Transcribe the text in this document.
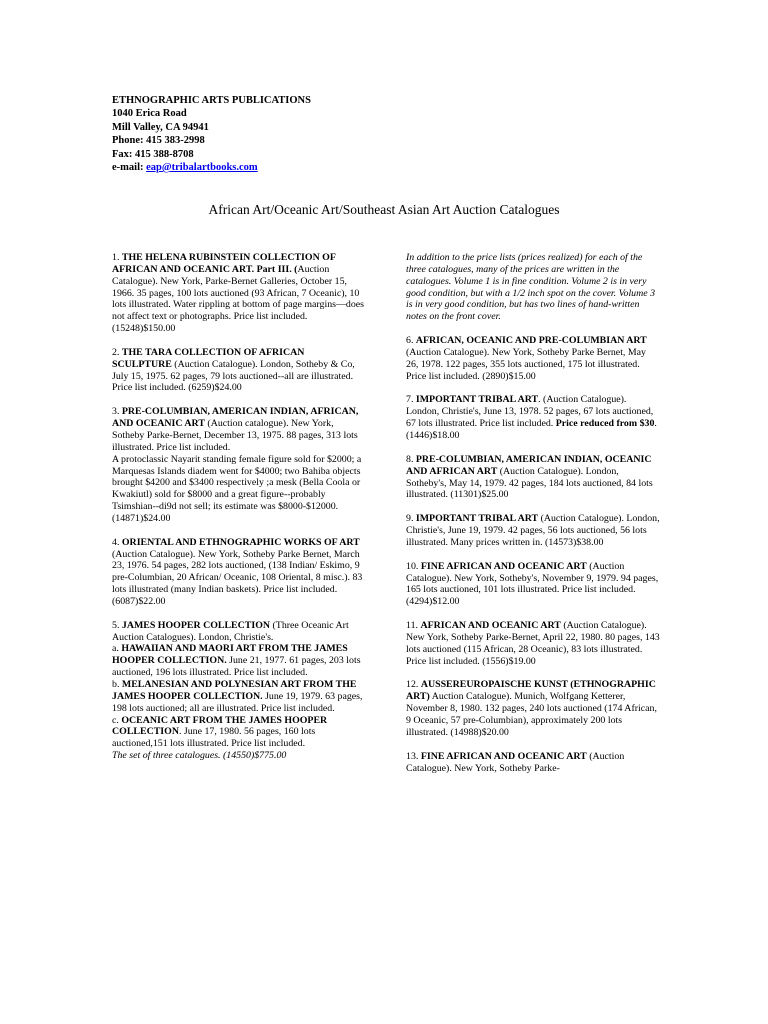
ETHNOGRAPHIC ARTS PUBLICATIONS
1040 Erica Road
Mill Valley, CA 94941
Phone: 415 383-2998
Fax: 415 388-8708
e-mail: eap@tribalartbooks.com
African Art/Oceanic Art/Southeast Asian Art Auction Catalogues

1. THE HELENA RUBINSTEIN COLLECTION OF AFRICAN AND OCEANIC ART. Part III. (Auction Catalogue). New York, Parke-Bernet Galleries, October 15, 1966. 35 pages, 100 lots auctioned (93 African, 7 Oceanic), 10 lots illustrated. Water rippling at bottom of page margins—does not affect text or photographs. Price list included. (15248)$150.00

2. THE TARA COLLECTION OF AFRICAN SCULPTURE (Auction Catalogue). London, Sotheby & Co, July 15, 1975. 62 pages, 79 lots auctioned--all are illustrated. Price list included. (6259)$24.00

3. PRE-COLUMBIAN, AMERICAN INDIAN, AFRICAN, AND OCEANIC ART (Auction catalogue). New York, Sotheby Parke-Bernet, December 13, 1975. 88 pages, 313 lots illustrated. Price list included.

A protoclassic Nayarit standing female figure sold for $2000; a Marquesas Islands diadem went for $4000; two Bahiba objects brought $4200 and $3400 respectively ;a mesk (Bella Coola or Kwakiutl) sold for $8000 and a great figure--probably Tsimshian--di9d not sell; its estimate was $8000-$12000. (14871)$24.00

4. ORIENTAL AND ETHNOGRAPHIC WORKS OF ART (Auction Catalogue). New York, Sotheby Parke Bernet, March 23, 1976. 54 pages, 282 lots auctioned, (138 Indian/ Eskimo, 9 pre-Columbian, 20 African/ Oceanic, 108 Oriental, 8 misc.). 83 lots illustrated (many Indian baskets). Price list included. (6087)$22.00

5. JAMES HOOPER COLLECTION (Three Oceanic Art Auction Catalogues). London, Christie's.

a. HAWAIIAN AND MAORI ART FROM THE JAMES HOOPER COLLECTION. June 21, 1977. 61 pages, 203 lots auctioned, 196 lots illustrated. Price list included.

b. MELANESIAN AND POLYNESIAN ART FROM THE JAMES HOOPER COLLECTION. June 19, 1979. 63 pages, 198 lots auctioned; all are illustrated. Price list included.

c. OCEANIC ART FROM THE JAMES HOOPER COLLECTION. June 17, 1980. 56 pages, 160 lots auctioned,151 lots illustrated. Price list included.

The set of three catalogues. (14550)$775.00

In addition to the price lists (prices realized) for each of the three catalogues, many of the prices are written in the catalogues. Volume 1 is in fine condition. Volume 2 is in very good condition, but with a 1/2 inch spot on the cover. Volume 3 is in very good condition, but has two lines of hand-written notes on the front cover.

6. AFRICAN, OCEANIC AND PRE-COLUMBIAN ART (Auction Catalogue). New York, Sotheby Parke Bernet, May 26, 1978. 122 pages, 355 lots auctioned, 175 lot illustrated. Price list included. (2890)$15.00

7. IMPORTANT TRIBAL ART. (Auction Catalogue). London, Christie's, June 13, 1978. 52 pages, 67 lots auctioned, 67 lots illustrated. Price list included. Price reduced from $30. (1446)$18.00

8. PRE-COLUMBIAN, AMERICAN INDIAN, OCEANIC AND AFRICAN ART (Auction Catalogue). London, Sotheby's, May 14, 1979. 42 pages, 184 lots auctioned, 84 lots illustrated. (11301)$25.00

9. IMPORTANT TRIBAL ART (Auction Catalogue). London, Christie's, June 19, 1979. 42 pages, 56 lots auctioned, 56 lots illustrated. Many prices written in. (14573)$38.00

10. FINE AFRICAN AND OCEANIC ART (Auction Catalogue). New York, Sotheby's, November 9, 1979. 94 pages, 165 lots auctioned, 101 lots illustrated. Price list included. (4294)$12.00

11. AFRICAN AND OCEANIC ART (Auction Catalogue). New York, Sotheby Parke-Bernet, April 22, 1980. 80 pages, 143 lots auctioned (115 African, 28 Oceanic), 83 lots illustrated. Price list included. (1556)$19.00

12. AUSSEREUROPAISCHE KUNST (ETHNOGRAPHIC ART) Auction Catalogue). Munich, Wolfgang Ketterer, November 8, 1980. 132 pages, 240 lots auctioned (174 African, 9 Oceanic, 57 pre-Columbian), approximately 200 lots illustrated. (14988)$20.00

13. FINE AFRICAN AND OCEANIC ART (Auction Catalogue). New York, Sotheby Parke-
